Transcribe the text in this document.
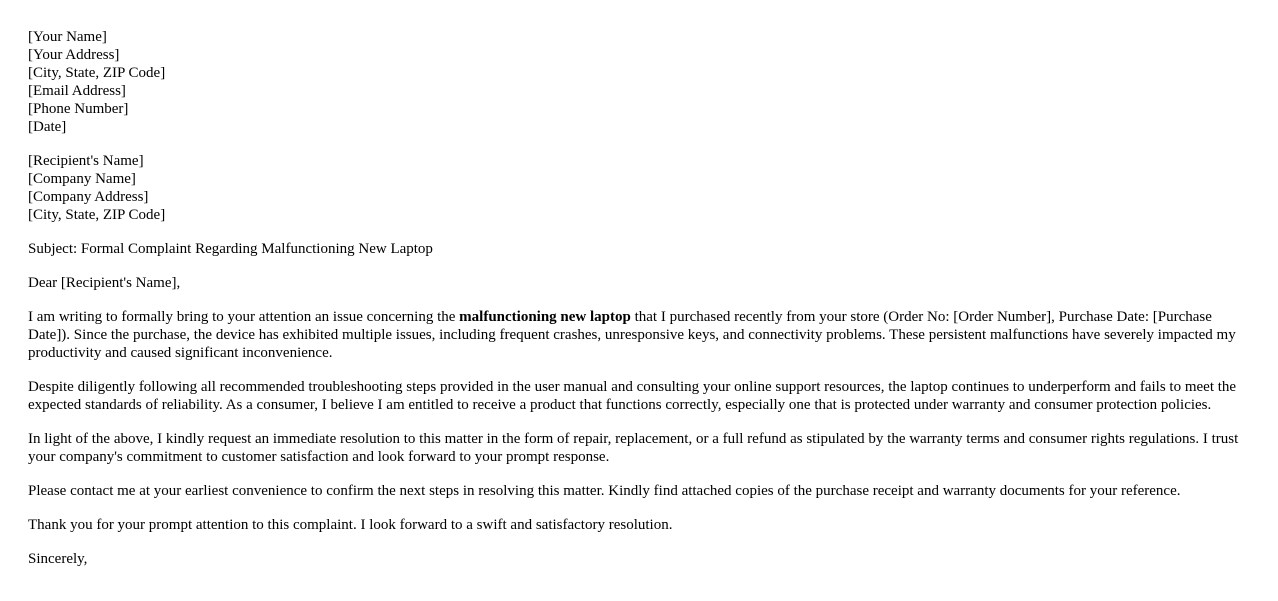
[Your Name]
[Your Address]
[City, State, ZIP Code]
[Email Address]
[Phone Number]
[Date]
[Recipient's Name]
[Company Name]
[Company Address]
[City, State, ZIP Code]

Subject: Formal Complaint Regarding Malfunctioning New Laptop

Dear [Recipient's Name],

I am writing to formally bring to your attention an issue concerning the malfunctioning new laptop that I purchased recently from your store (Order No: [Order Number], Purchase Date: [Purchase Date]). Since the purchase, the device has exhibited multiple issues, including frequent crashes, unresponsive keys, and connectivity problems. These persistent malfunctions have severely impacted my productivity and caused significant inconvenience.

Despite diligently following all recommended troubleshooting steps provided in the user manual and consulting your online support resources, the laptop continues to underperform and fails to meet the expected standards of reliability. As a consumer, I believe I am entitled to receive a product that functions correctly, especially one that is protected under warranty and consumer protection policies.

In light of the above, I kindly request an immediate resolution to this matter in the form of repair, replacement, or a full refund as stipulated by the warranty terms and consumer rights regulations. I trust your company's commitment to customer satisfaction and look forward to your prompt response.

Please contact me at your earliest convenience to confirm the next steps in resolving this matter. Kindly find attached copies of the purchase receipt and warranty documents for your reference.

Thank you for your prompt attention to this complaint. I look forward to a swift and satisfactory resolution.

Sincerely,
